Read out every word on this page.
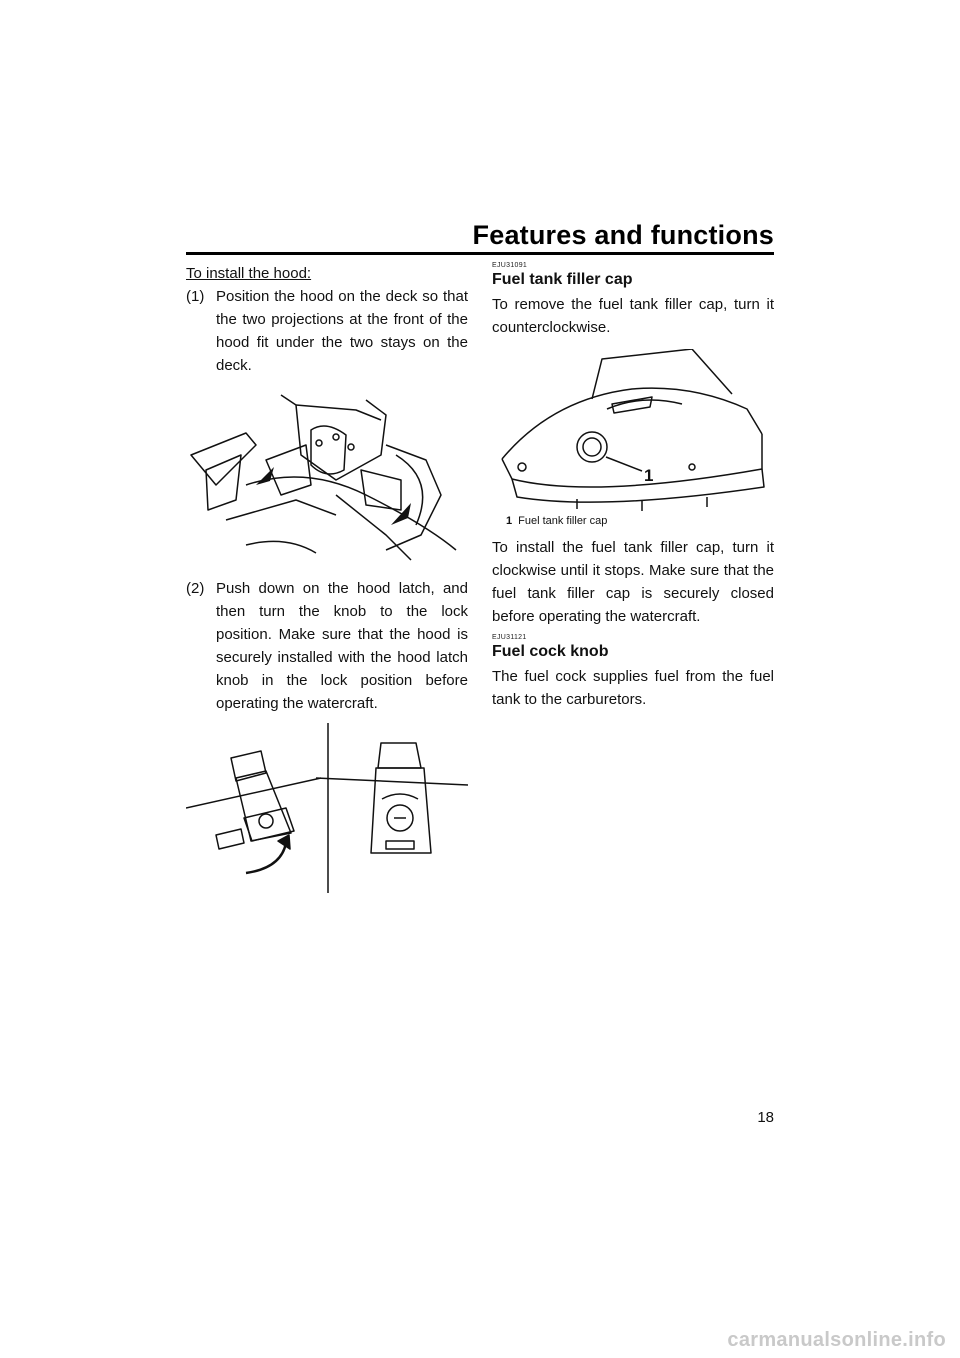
Features and functions
To install the hood:
(1) Position the hood on the deck so that the two projections at the front of the hood fit under the two stays on the deck.
(2) Push down on the hood latch, and then turn the knob to the lock position. Make sure that the hood is securely installed with the hood latch knob in the lock position before operating the watercraft.
EJU31091
Fuel tank filler cap

To remove the fuel tank filler cap, turn it counterclockwise.

1
1 Fuel tank filler cap

To install the fuel tank filler cap, turn it clockwise until it stops. Make sure that the fuel tank filler cap is securely closed before operating the watercraft.

EJU31121
Fuel cock knob

The fuel cock supplies fuel from the fuel tank to the carburetors.

18
carmanualsonline.info
